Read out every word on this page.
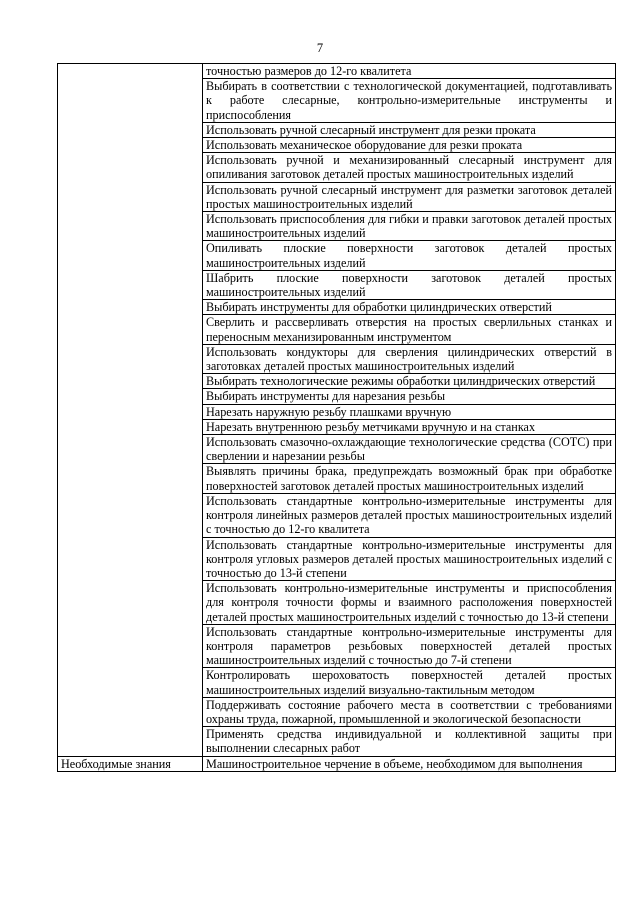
7
	точностью размеров до 12-го квалитета
	Выбирать в соответствии с технологической документацией, подготавливать к работе слесарные, контрольно-измерительные инструменты и приспособления
	Использовать ручной слесарный инструмент для резки проката
	Использовать механическое оборудование для резки проката
	Использовать ручной и механизированный слесарный инструмент для опиливания заготовок деталей простых машиностроительных изделий
	Использовать ручной слесарный инструмент для разметки заготовок деталей простых машиностроительных изделий
	Использовать приспособления для гибки и правки заготовок деталей простых машиностроительных изделий
	Опиливать плоские поверхности заготовок деталей простых машиностроительных изделий
	Шабрить плоские поверхности заготовок деталей простых машиностроительных изделий
	Выбирать инструменты для обработки цилиндрических отверстий
	Сверлить и рассверливать отверстия на простых сверлильных станках и переносным механизированным инструментом
	Использовать кондукторы для сверления цилиндрических отверстий в заготовках деталей простых машиностроительных изделий
	Выбирать технологические режимы обработки цилиндрических отверстий
	Выбирать инструменты для нарезания резьбы
	Нарезать наружную резьбу плашками вручную
	Нарезать внутреннюю резьбу метчиками вручную и на станках
	Использовать смазочно-охлаждающие технологические средства (СОТС) при сверлении и нарезании резьбы
	Выявлять причины брака, предупреждать возможный брак при обработке поверхностей заготовок деталей простых машиностроительных изделий
	Использовать стандартные контрольно-измерительные инструменты для контроля линейных размеров деталей простых машиностроительных изделий с точностью до 12-го квалитета
	Использовать стандартные контрольно-измерительные инструменты для контроля угловых размеров деталей простых машиностроительных изделий с точностью до 13-й степени
	Использовать контрольно-измерительные инструменты и приспособления для контроля точности формы и взаимного расположения поверхностей деталей простых машиностроительных изделий с точностью до 13-й степени
	Использовать стандартные контрольно-измерительные инструменты для контроля параметров резьбовых поверхностей деталей простых машиностроительных изделий с точностью до 7-й степени
	Контролировать шероховатость поверхностей деталей простых машиностроительных изделий визуально-тактильным методом
	Поддерживать состояние рабочего места в соответствии с требованиями охраны труда, пожарной, промышленной и экологической безопасности
	Применять средства индивидуальной и коллективной защиты при выполнении слесарных работ

Необходимые знания	Машиностроительное черчение в объеме, необходимом для выполнения
